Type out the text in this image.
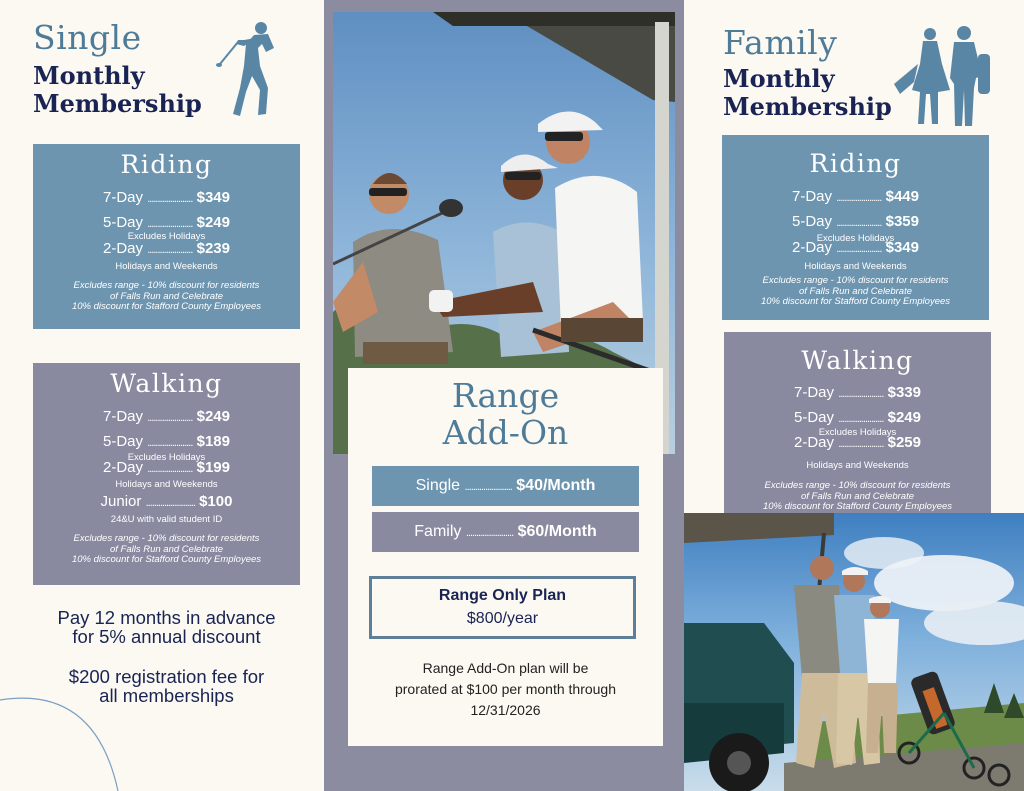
Single
Monthly
Membership
Riding
7-Day ...................... $349
5-Day ...................... $249
Excludes Holidays
2-Day ...................... $239
Holidays and Weekends
Excludes range - 10% discount for residents
of Falls Run and Celebrate
10% discount for Stafford County Employees
Walking
7-Day ...................... $249
5-Day ...................... $189
Excludes Holidays
2-Day ...................... $199
Holidays and Weekends
Junior ........................ $100
24&U with valid student ID
Excludes range - 10% discount for residents
of Falls Run and Celebrate
10% discount for Stafford County Employees
Pay 12 months in advance
for 5% annual discount
$200 registration fee for
all memberships
Range
Add-On
Single ....................... $40/Month
Family ....................... $60/Month
Range Only Plan
$800/year
Range Add-On plan will be
prorated at $100 per month through
12/31/2026
Family
Monthly
Membership
Riding
7-Day ...................... $449
5-Day ...................... $359
Excludes Holidays
2-Day ...................... $349
Holidays and Weekends
Excludes range - 10% discount for residents
of Falls Run and Celebrate
10% discount for Stafford County Employees
Walking
7-Day ...................... $339
5-Day ...................... $249
Excludes Holidays
2-Day ...................... $259
Holidays and Weekends
Excludes range - 10% discount for residents
of Falls Run and Celebrate
10% discount for Stafford County Employees
